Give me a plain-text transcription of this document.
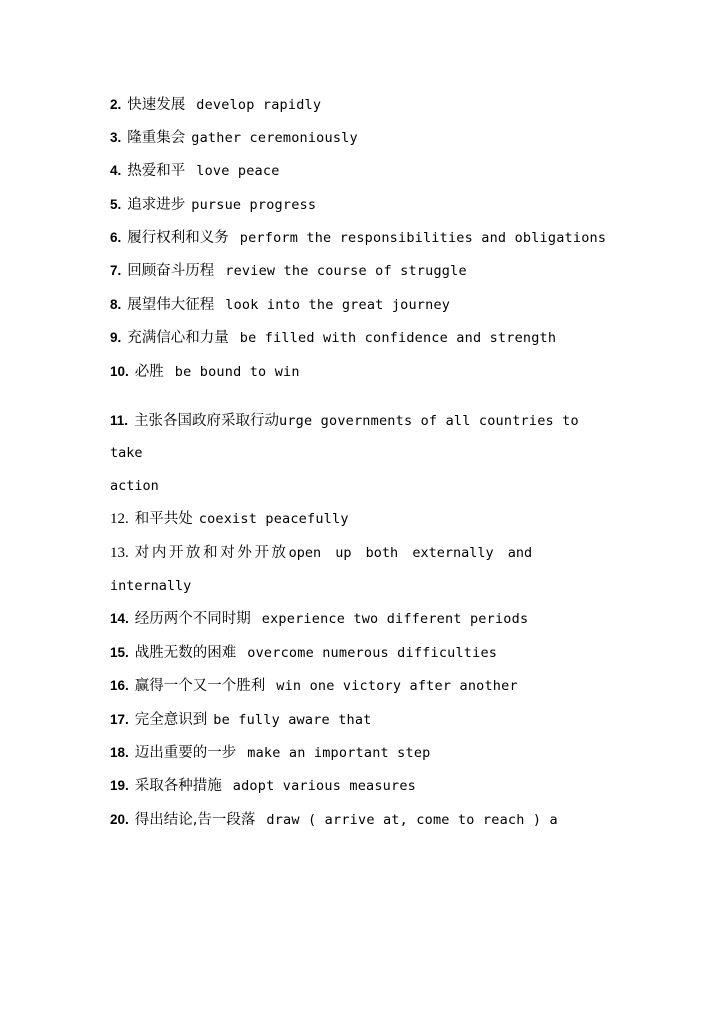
2. 快速发展 develop rapidly
3. 隆重集会 gather ceremoniously
4. 热爱和平 love peace
5. 追求进步 pursue progress
6. 履行权利和义务 perform the responsibilities and obligations
7. 回顾奋斗历程 review the course of struggle
8. 展望伟大征程 look into the great journey
9. 充满信心和力量 be filled with confidence and strength
10. 必胜 be bound to win
11. 主张各国政府采取行动urge governments of all countries to
take
action
12. 和平共处 coexist peacefully
13. 对内开放和对外开放open up both externally and
internally
14. 经历两个不同时期 experience two different periods
15. 战胜无数的困难 overcome numerous difficulties
16. 赢得一个又一个胜利 win one victory after another
17. 完全意识到 be fully aware that
18. 迈出重要的一步 make an important step
19. 采取各种措施 adopt various measures
20. 得出结论,告一段落 draw ( arrive at, come to reach ) a
